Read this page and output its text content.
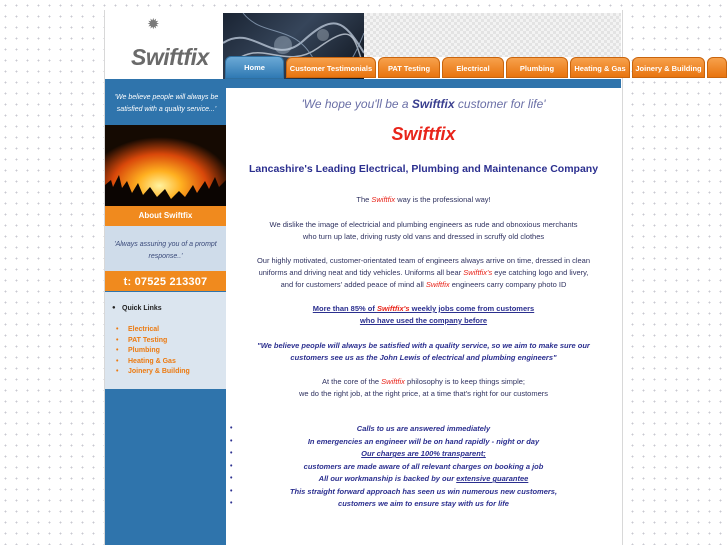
✹
Swiftfix	Home	Customer Testimonials	PAT Testing	Electrical	Plumbing	Heating & Gas	Joinery & Building
'We believe people will always be satisfied with a quality service...'
About Swiftfix
'Always assuring you of a prompt response..'
t: 07525 213307
● Quick Links
• Electrical
• PAT Testing
• Plumbing
• Heating & Gas
• Joinery & Building
'We hope you'll be a Swiftfix customer for life'
Swiftfix
Lancashire's Leading Electrical, Plumbing and Maintenance Company
The Swiftfix way is the professional way!
We dislike the image of electricial and plumbing engineers as rude and obnoxious merchants
who turn up late, driving rusty old vans and dressed in scruffy old clothes
Our highly motivated, customer-orientated team of engineers always arrive on time, dressed in clean
uniforms and driving neat and tidy vehicles. Uniforms all bear Swiftfix's eye catching logo and livery,
and for customers' added peace of mind all Swiftfix engineers carry company photo ID
More than 85% of Swiftfix's weekly jobs come from customers
who have used the company before
"We believe people will always be satisfied with a quality service, so we aim to make sure our
customers see us as the John Lewis of electrical and plumbing engineers"
At the core of the Swiftfix philosophy is to keep things simple;
we do the right job, at the right price, at a time that's right for our customers
•	Calls to us are answered immediately
•	In emergencies an engineer will be on hand rapidly - night or day
•	Our charges are 100% transparent;
•	customers are made aware of all relevant charges on booking a job
•	All our workmanship is backed by our extensive guarantee
•	This straight forward approach has seen us win numerous new customers,
•	customers we aim to ensure stay with us for life
